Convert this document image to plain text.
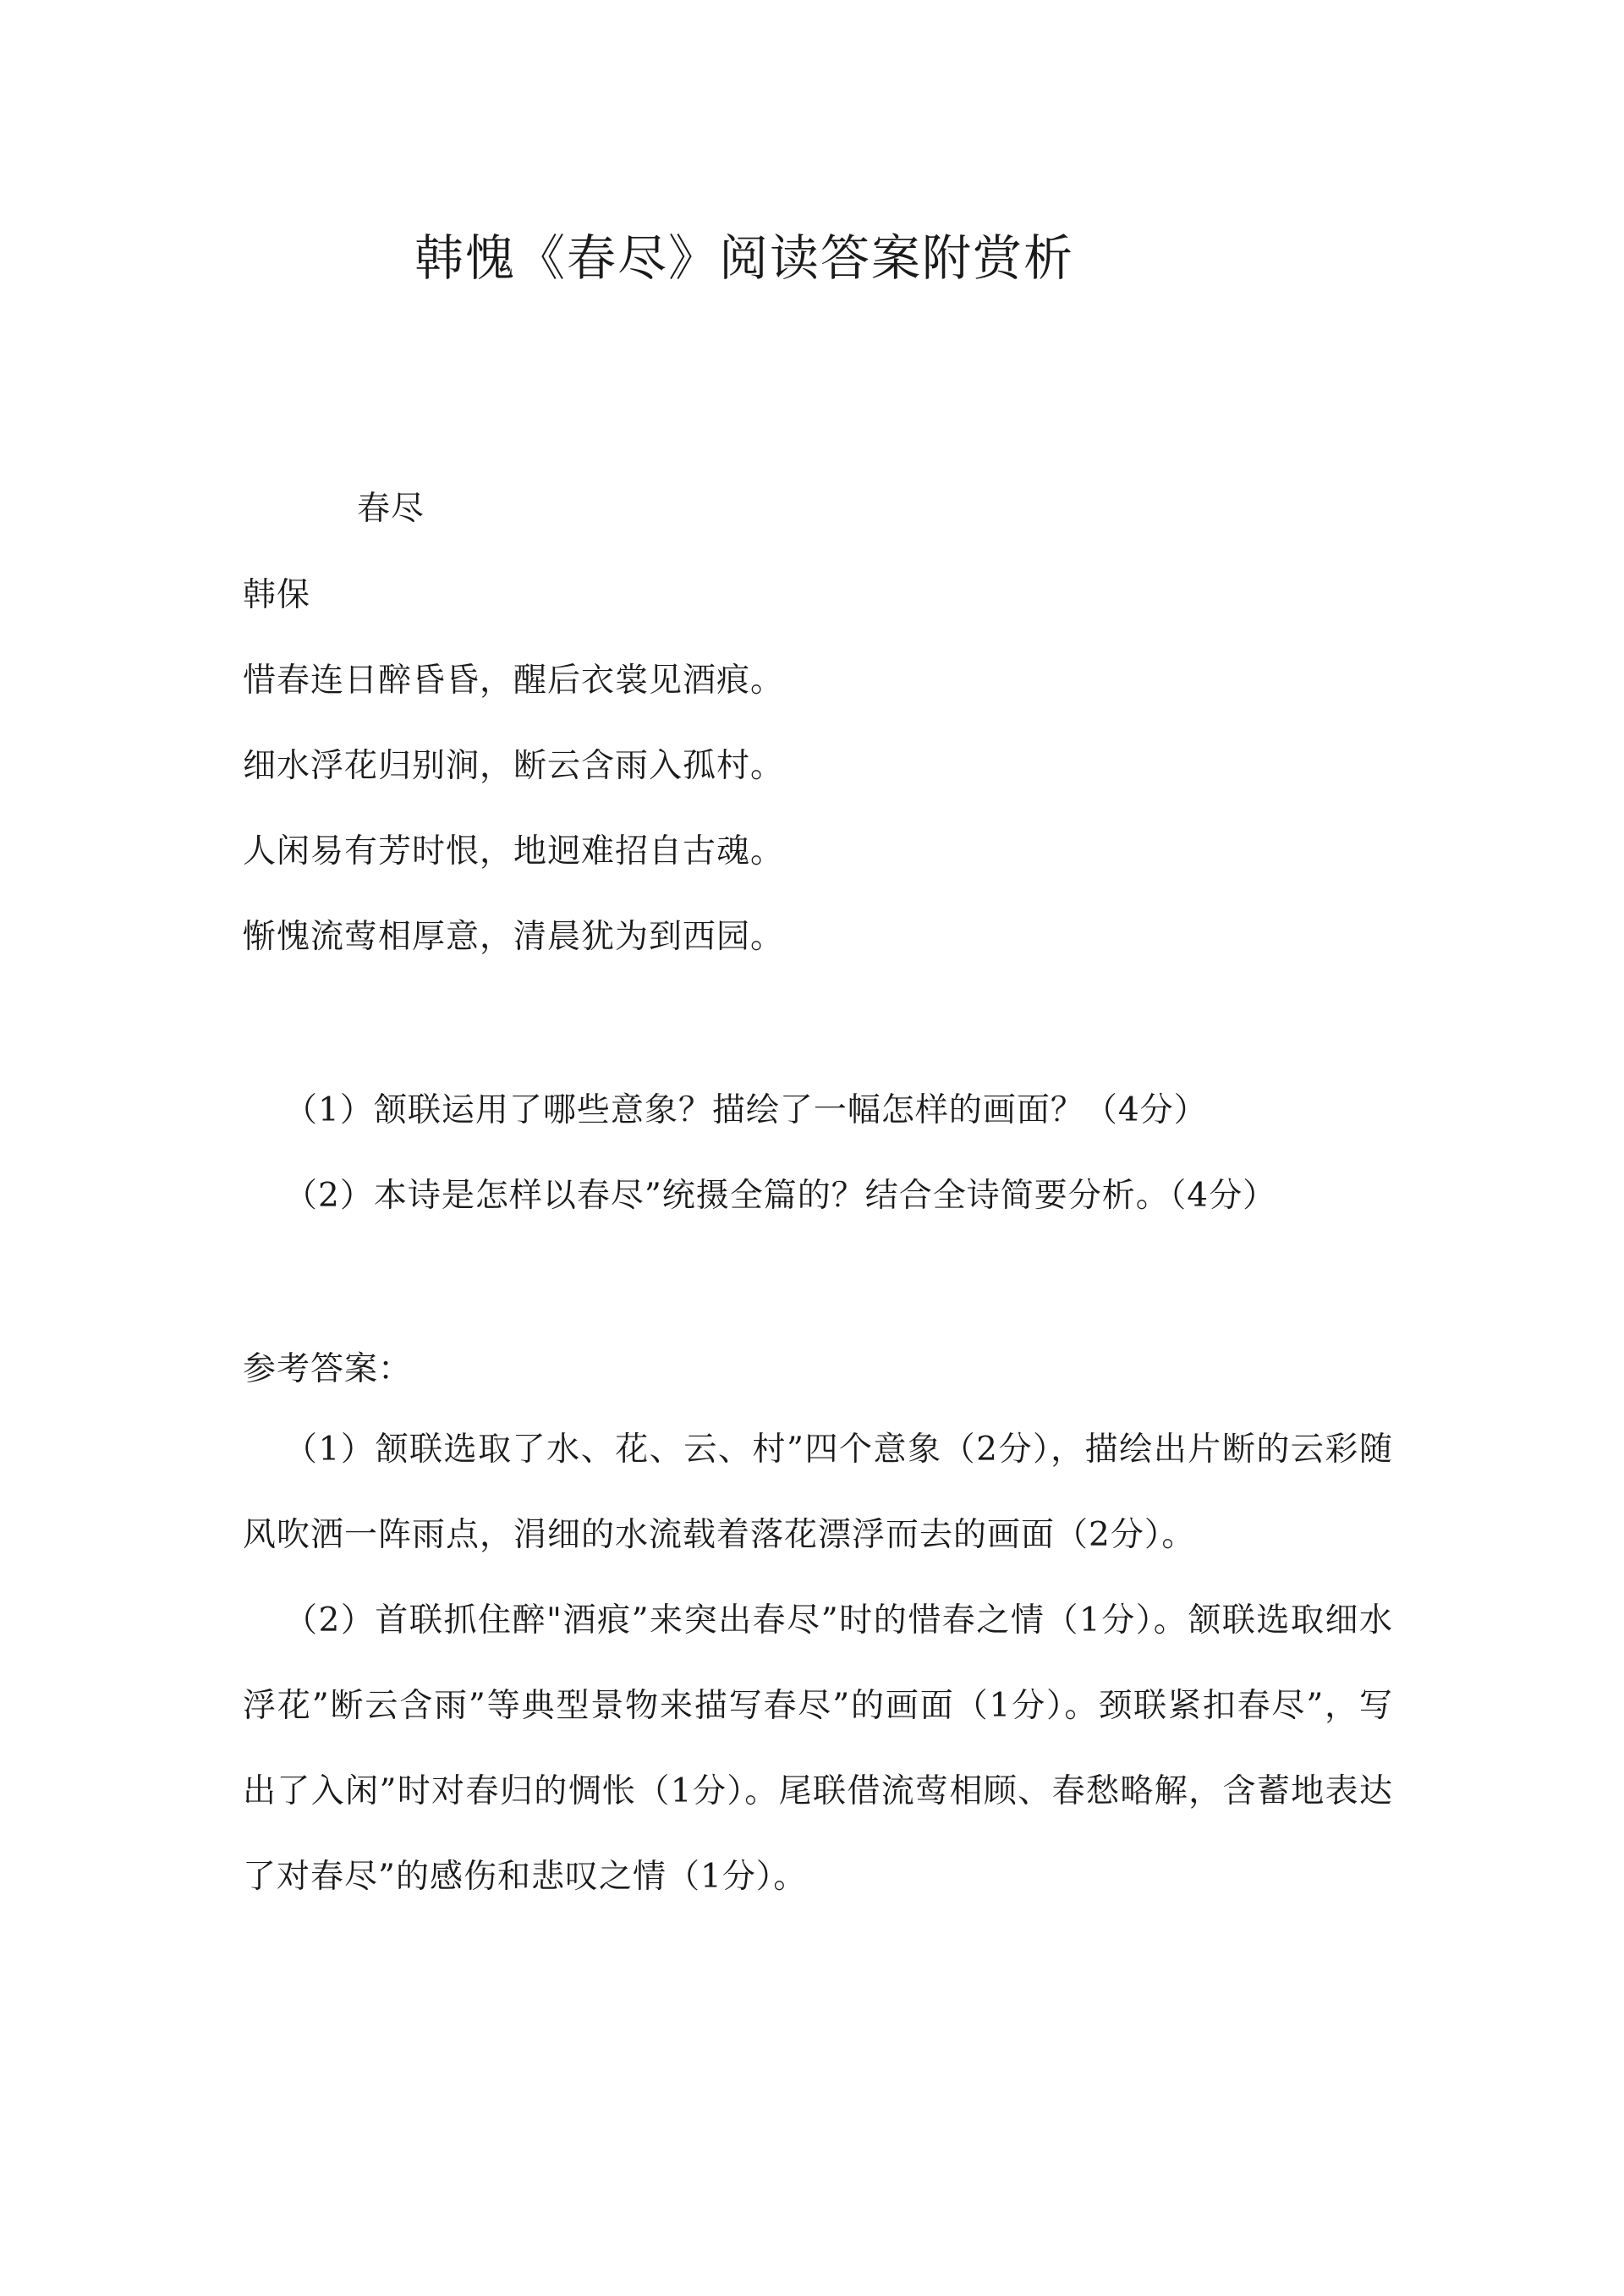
韩愧《春尽》阅读答案附赏析
春尽
韩保
惜春连日醉昏昏，醒后衣裳见酒痕。
细水浮花归别涧，断云含雨入孤村。
人闲易有芳时恨，地迥难招自古魂。
惭愧流莺相厚意，清晨犹为到西园。
（1）颔联运用了哪些意象？描绘了一幅怎样的画面？（4分）
（2）本诗是怎样以春尽”统摄全篇的？结合全诗简要分析。（4分）
参考答案：
（1）颔联选取了水、花、云、村”四个意象（2分），描绘出片断的云彩随风吹洒一阵雨点，涓细的水流载着落花漂浮而去的画面（2分）。
（2）首联抓住醉"酒痕”来突出春尽”时的惜春之情（1分）。颔联选取细水浮花”断云含雨”等典型景物来描写春尽”的画面（1分）。颈联紧扣春尽”，写出了入闲”时对春归的惆怅（1分）。尾联借流莺相顾、春愁略解，含蓄地表达了对春尽”的感伤和悲叹之情（1分）。
